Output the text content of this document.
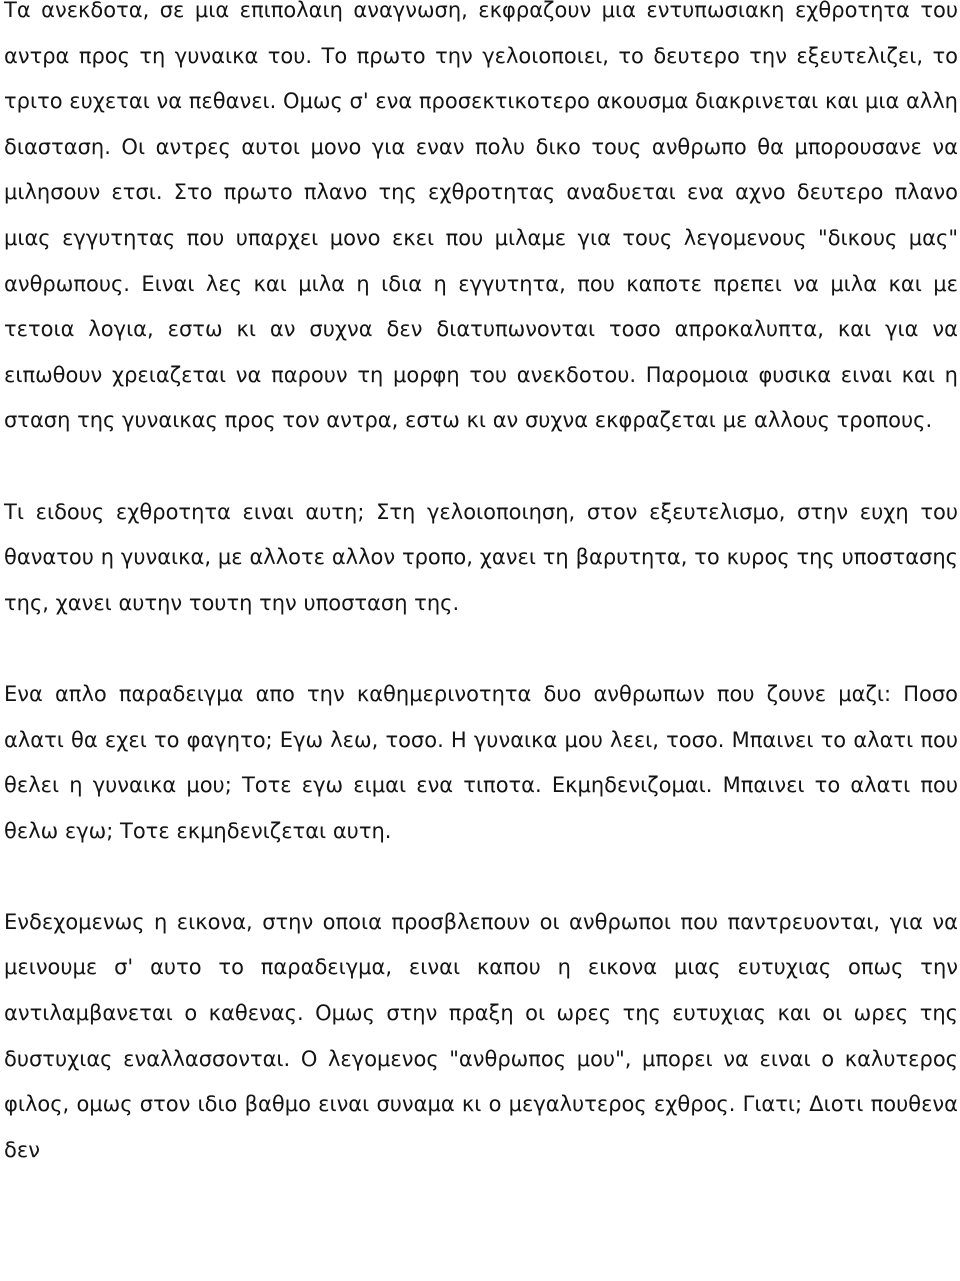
Τα ανεκδοτα, σε μια επιπολαιη αναγνωση, εκφραζουν μια εντυπωσιακη εχθροτητα του αντρα προς τη γυναικα του. Το πρωτο την γελοιοποιει, το δευτερο την εξευτελιζει, το τριτο ευχεται να πεθανει. Ομως σ' ενα προσεκτικοτερο ακουσμα διακρινεται και μια αλλη διασταση. Οι αντρες αυτοι μονο για εναν πολυ δικο τους ανθρωπο θα μπορουσανε να μιλησουν ετσι. Στο πρωτο πλανο της εχθροτητας αναδυεται ενα αχνο δευτερο πλανο μιας εγγυτητας που υπαρχει μονο εκει που μιλαμε για τους λεγομενους "δικους μας" ανθρωπους. Ειναι λες και μιλα η ιδια η εγγυτητα, που καποτε πρεπει να μιλα και με τετοια λογια, εστω κι αν συχνα δεν διατυπωνονται τοσο απροκαλυπτα, και για να ειπωθουν χρειαζεται να παρουν τη μορφη του ανεκδοτου. Παρομοια φυσικα ειναι και η σταση της γυναικας προς τον αντρα, εστω κι αν συχνα εκφραζεται με αλλους τροπους.

Τι ειδους εχθροτητα ειναι αυτη; Στη γελοιοποιηση, στον εξευτελισμο, στην ευχη του θανατου η γυναικα, με αλλοτε αλλον τροπο, χανει τη βαρυτητα, το κυρος της υποστασης της, χανει αυτην τουτη την υποσταση της.

Ενα απλο παραδειγμα απο την καθημερινοτητα δυο ανθρωπων που ζουνε μαζι: Ποσο αλατι θα εχει το φαγητο; Εγω λεω, τοσο. Η γυναικα μου λεει, τοσο. Μπαινει το αλατι που θελει η γυναικα μου; Τοτε εγω ειμαι ενα τιποτα. Εκμηδενιζομαι. Μπαινει το αλατι που θελω εγω; Τοτε εκμηδενιζεται αυτη.

Ενδεχομενως η εικονα, στην οποια προσβλεπουν οι ανθρωποι που παντρευονται, για να μεινουμε σ' αυτο το παραδειγμα, ειναι καπου η εικονα μιας ευτυχιας οπως την αντιλαμβανεται ο καθενας. Ομως στην πραξη οι ωρες της ευτυχιας και οι ωρες της δυστυχιας εναλλασσονται. Ο λεγομενος "ανθρωπος μου", μπορει να ειναι ο καλυτερος φιλος, ομως στον ιδιο βαθμο ειναι συναμα κι ο μεγαλυτερος εχθρος. Γιατι; Διοτι πουθενα δεν
